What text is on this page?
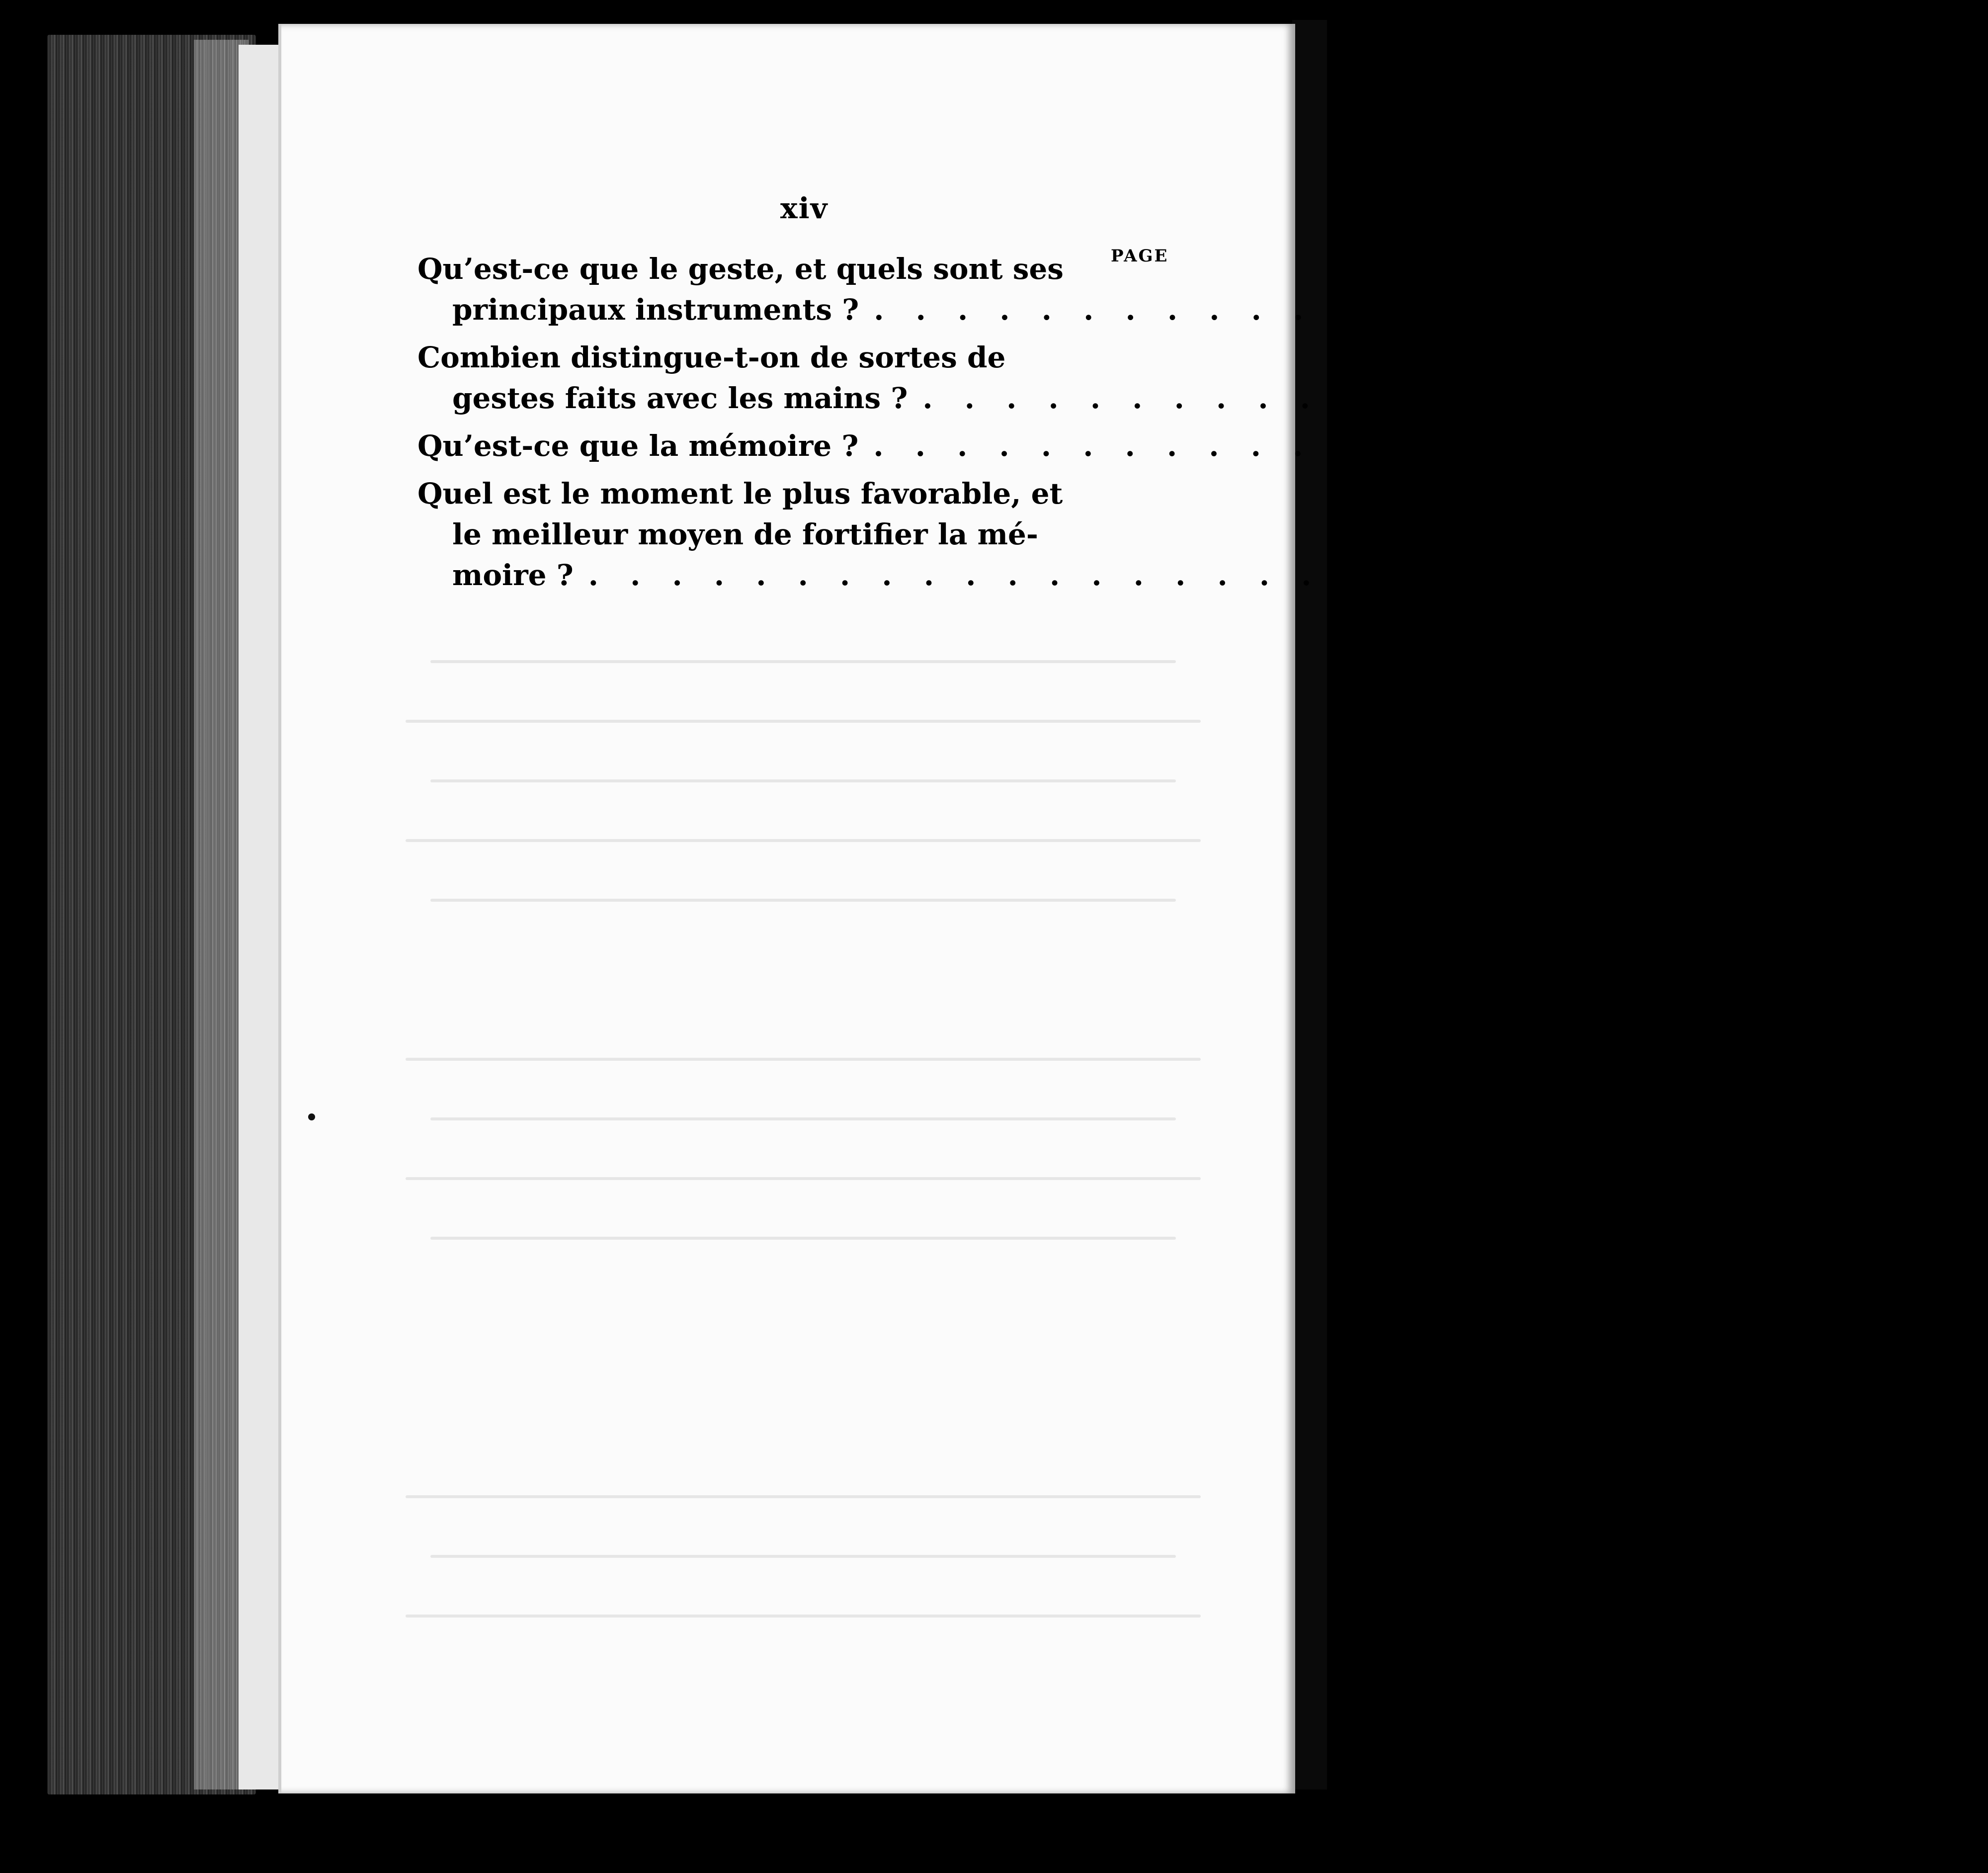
xiv
PAGE
Qu’est-ce que le geste, et quels sont ses
principaux instruments ? . . . . . . . . . . . . . . . . . . . . . . . . 241
Combien distingue-t-on de sortes de
gestes faits avec les mains ? . . . . . . . . . . . . . . . . . . . . . . . . 243
Qu’est-ce que la mémoire ? . . . . . . . . . . . . . . . . . . . . . . . . 244
Quel est le moment le plus favorable, et
le meilleur moyen de fortifier la mé-
moire ? . . . . . . . . . . . . . . . . . . . . . . . . 244
